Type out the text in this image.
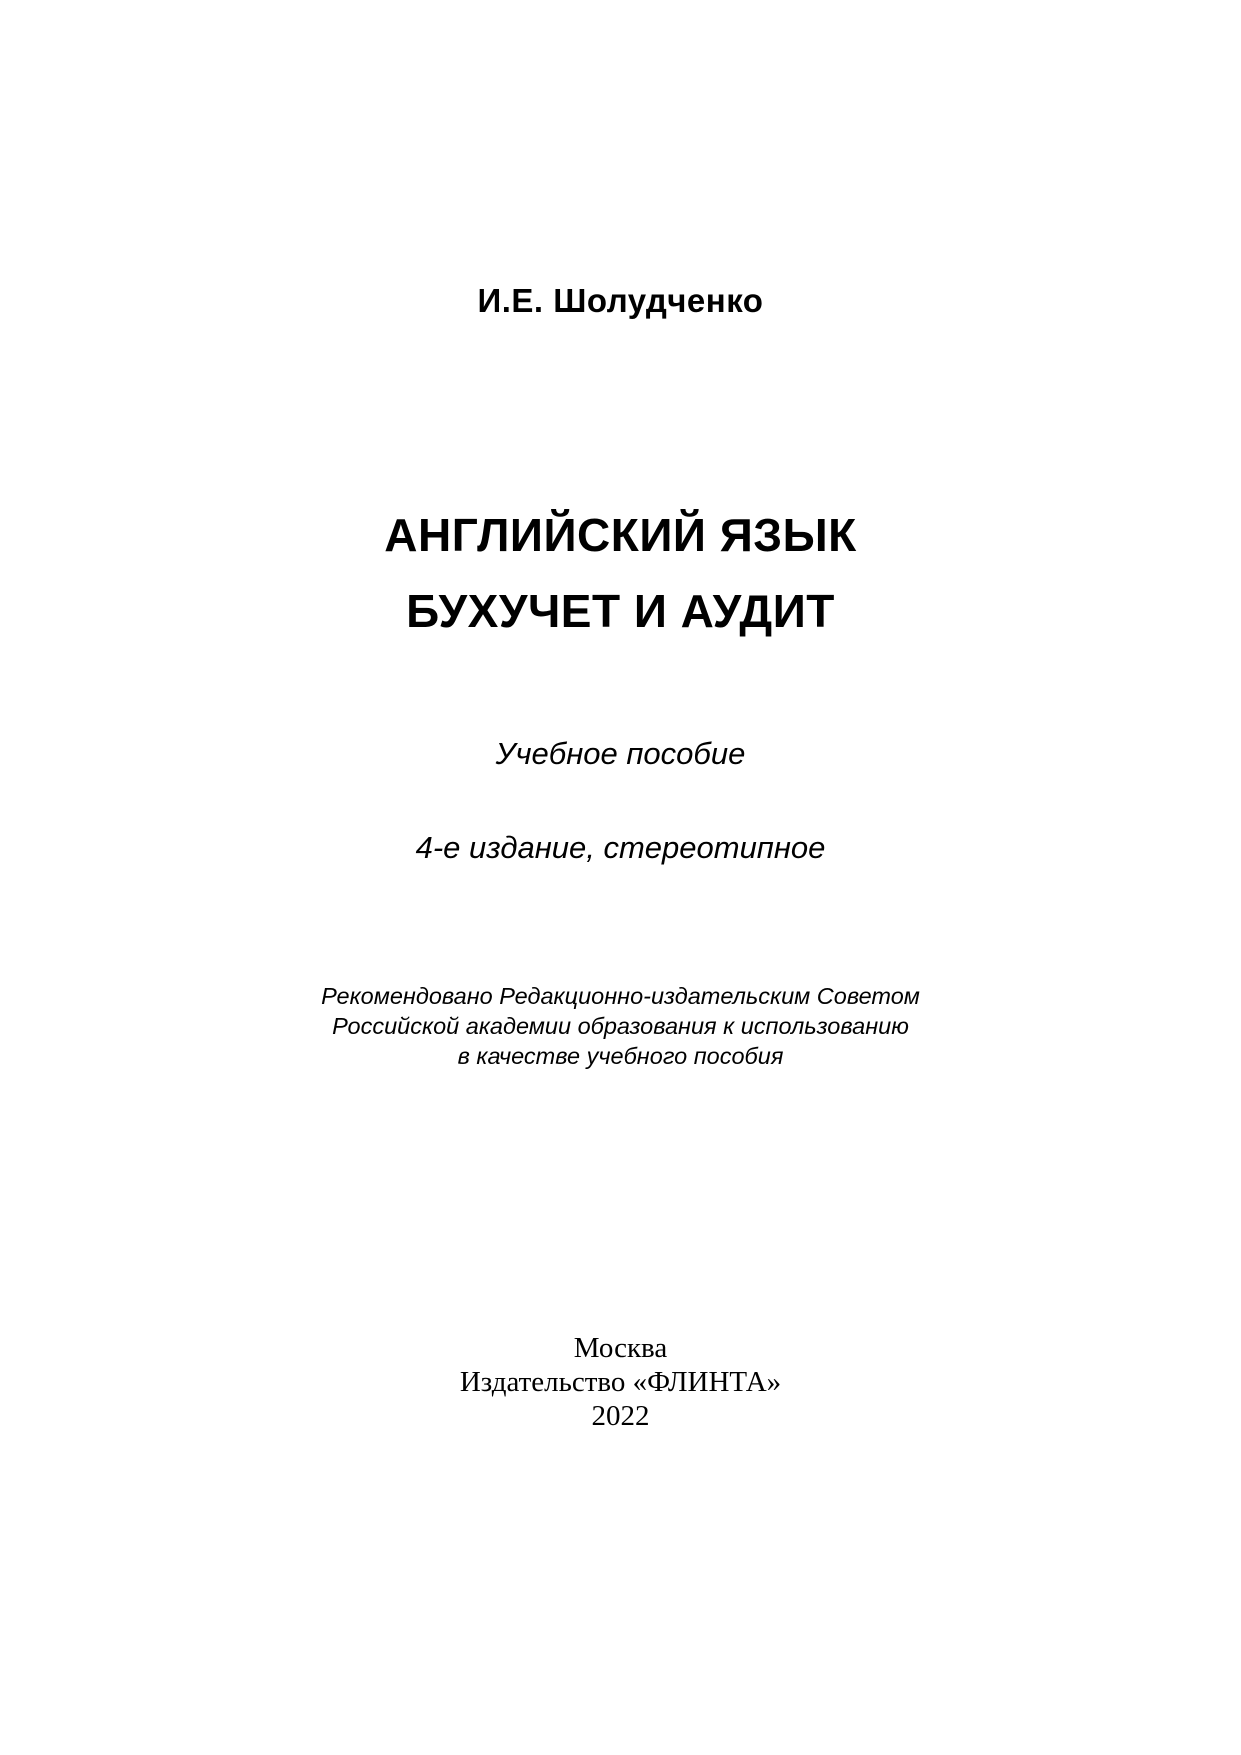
И.Е. Шолудченко
АНГЛИЙСКИЙ ЯЗЫК
БУХУЧЕТ И АУДИТ
Учебное пособие
4-е издание, стереотипное
Рекомендовано Редакционно-издательским Советом
Российской академии образования к использованию
в качестве учебного пособия
Москва
Издательство «ФЛИНТА»
2022
